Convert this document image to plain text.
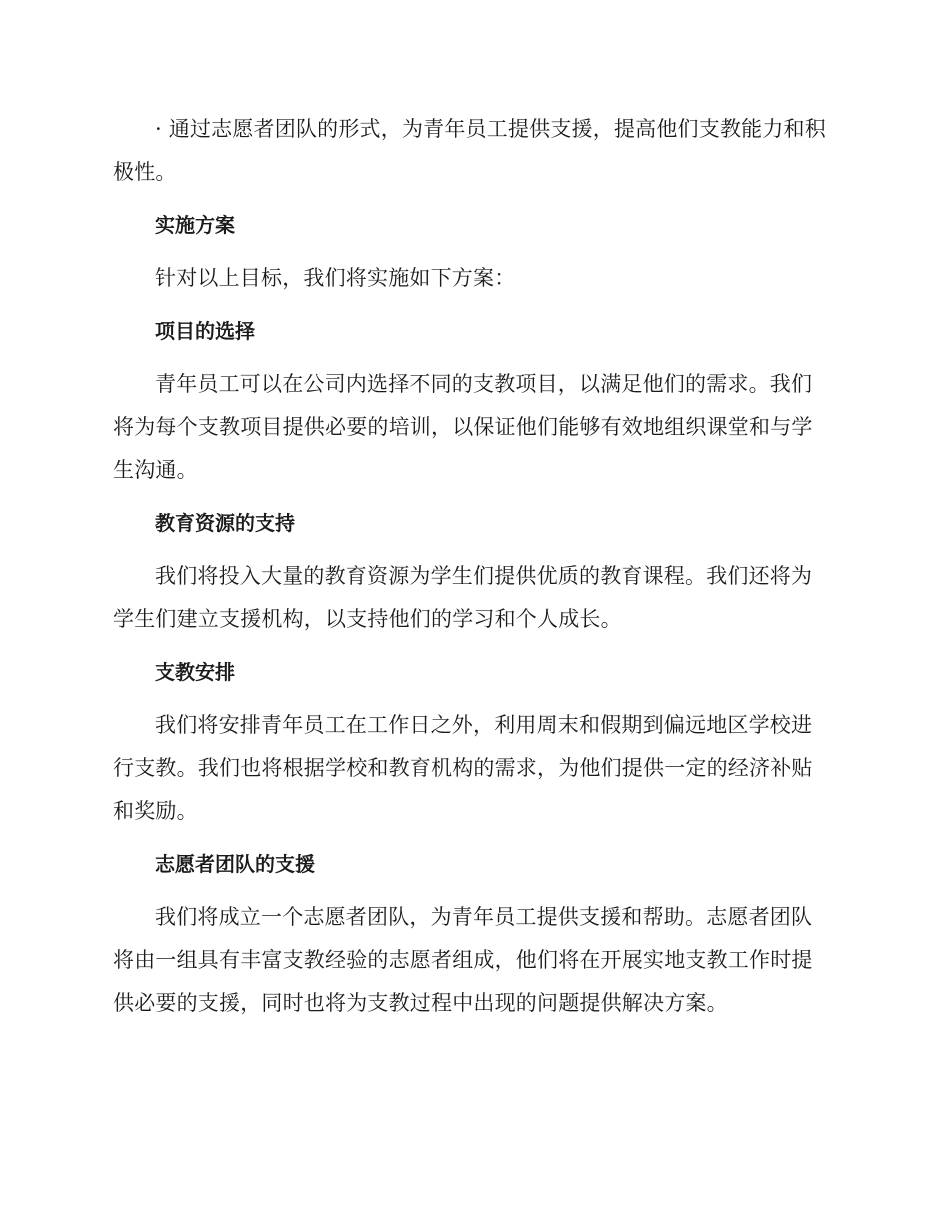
· 通过志愿者团队的形式，为青年员工提供支援，提高他们支教能力和积极性。

实施方案

针对以上目标，我们将实施如下方案：

项目的选择

青年员工可以在公司内选择不同的支教项目，以满足他们的需求。我们将为每个支教项目提供必要的培训，以保证他们能够有效地组织课堂和与学生沟通。

教育资源的支持

我们将投入大量的教育资源为学生们提供优质的教育课程。我们还将为学生们建立支援机构，以支持他们的学习和个人成长。

支教安排

我们将安排青年员工在工作日之外，利用周末和假期到偏远地区学校进行支教。我们也将根据学校和教育机构的需求，为他们提供一定的经济补贴和奖励。

志愿者团队的支援

我们将成立一个志愿者团队，为青年员工提供支援和帮助。志愿者团队将由一组具有丰富支教经验的志愿者组成，他们将在开展实地支教工作时提供必要的支援，同时也将为支教过程中出现的问题提供解决方案。
